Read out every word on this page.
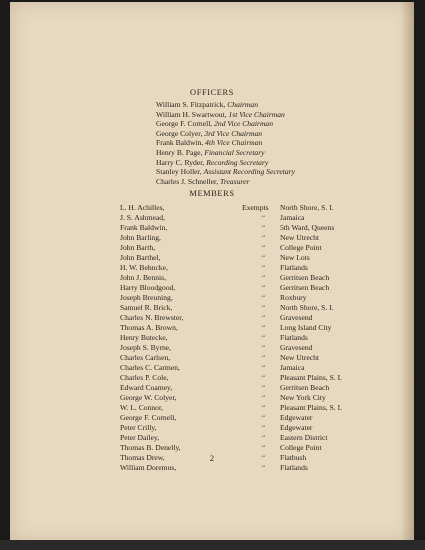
OFFICERS
William S. Fitzpatrick, Chairman
William H. Swartwout, 1st Vice Chairman
George F. Cornell, 2nd Vice Chairman
George Colyer, 3rd Vice Chairman
Frank Baldwin, 4th Vice Chairman
Henry B. Page, Financial Secretary
Harry C. Ryder, Recording Secretary
Stanley Holler, Assistant Recording Secretary
Charles J. Schneller, Treasurer
MEMBERS
L. H. Achilles,	Exempts North Shore, S. I.
J. S. Ashmead,	“ Jamaica
Frank Baldwin,	“ 5th Ward, Queens
John Barling,	“ New Utrecht
John Barth,	“ College Point
John Barthel,	“ New Lots
H. W. Behncke,	“ Flatlands
John J. Bennis,	“ Gerritsen Beach
Harry Bloodgood,	“ Gerritsen Beach
Joseph Breuning,	“ Roxbury
Samuel R. Brick,	“ North Shore, S. I.
Charles N. Brewster,	“ Gravesend
Thomas A. Brown,	“ Long Island City
Henry Butecke,	“ Flatlands
Joseph S. Byrne,	“ Gravesend
Charles Carlsen,	“ New Utrecht
Charles C. Carmen,	“ Jamaica
Charles P. Cole,	“ Pleasant Plains, S. I.
Edward Coamey,	“ Gerritsen Beach
George W. Colyer,	“ New York City
W. L. Connor,	“ Pleasant Plains, S. I.
George F. Cornell,	“ Edgewater
Peter Crilly,	“ Edgewater
Peter Dailey,	“ Eastern District
Thomas B. Denelly,	“ College Point
Thomas Drew,	“ Flatbush
William Doremus,	“ Flatlands
2
